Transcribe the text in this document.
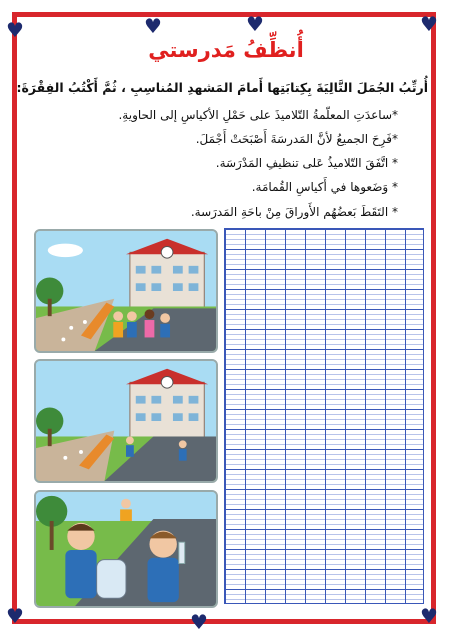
♥	♥	♥	♥
♥	♥	♥
أُنظِّفُ مَدرستي
أُرتِّبُ الجُمَلَ التَّالِيَةَ بِكِتابَتِها أَمامَ المَشهدِ المُناسِبِ ، ثُمَّ أَكْتُبُ الفِقْرَةَ:
*ساعدَتِ المعلّمةُ التّلاميذَ على حَمْلِ الأكياسِ إلى الحاويةِ.
*فَرِحَ الجميعُ لأنَّ المَدرسَةَ أَصْبَحَتْ أَجْمَلَ.
* اتَّفَقَ التّلاميذُ عَلى تنظيفِ المَدْرَسَة.
* وَضَعوها في أَكياسِ القُمامَة.
* التَقَطَ بَعضُهُم الأَوراقَ مِنْ باحَةِ المَدرَسة.
